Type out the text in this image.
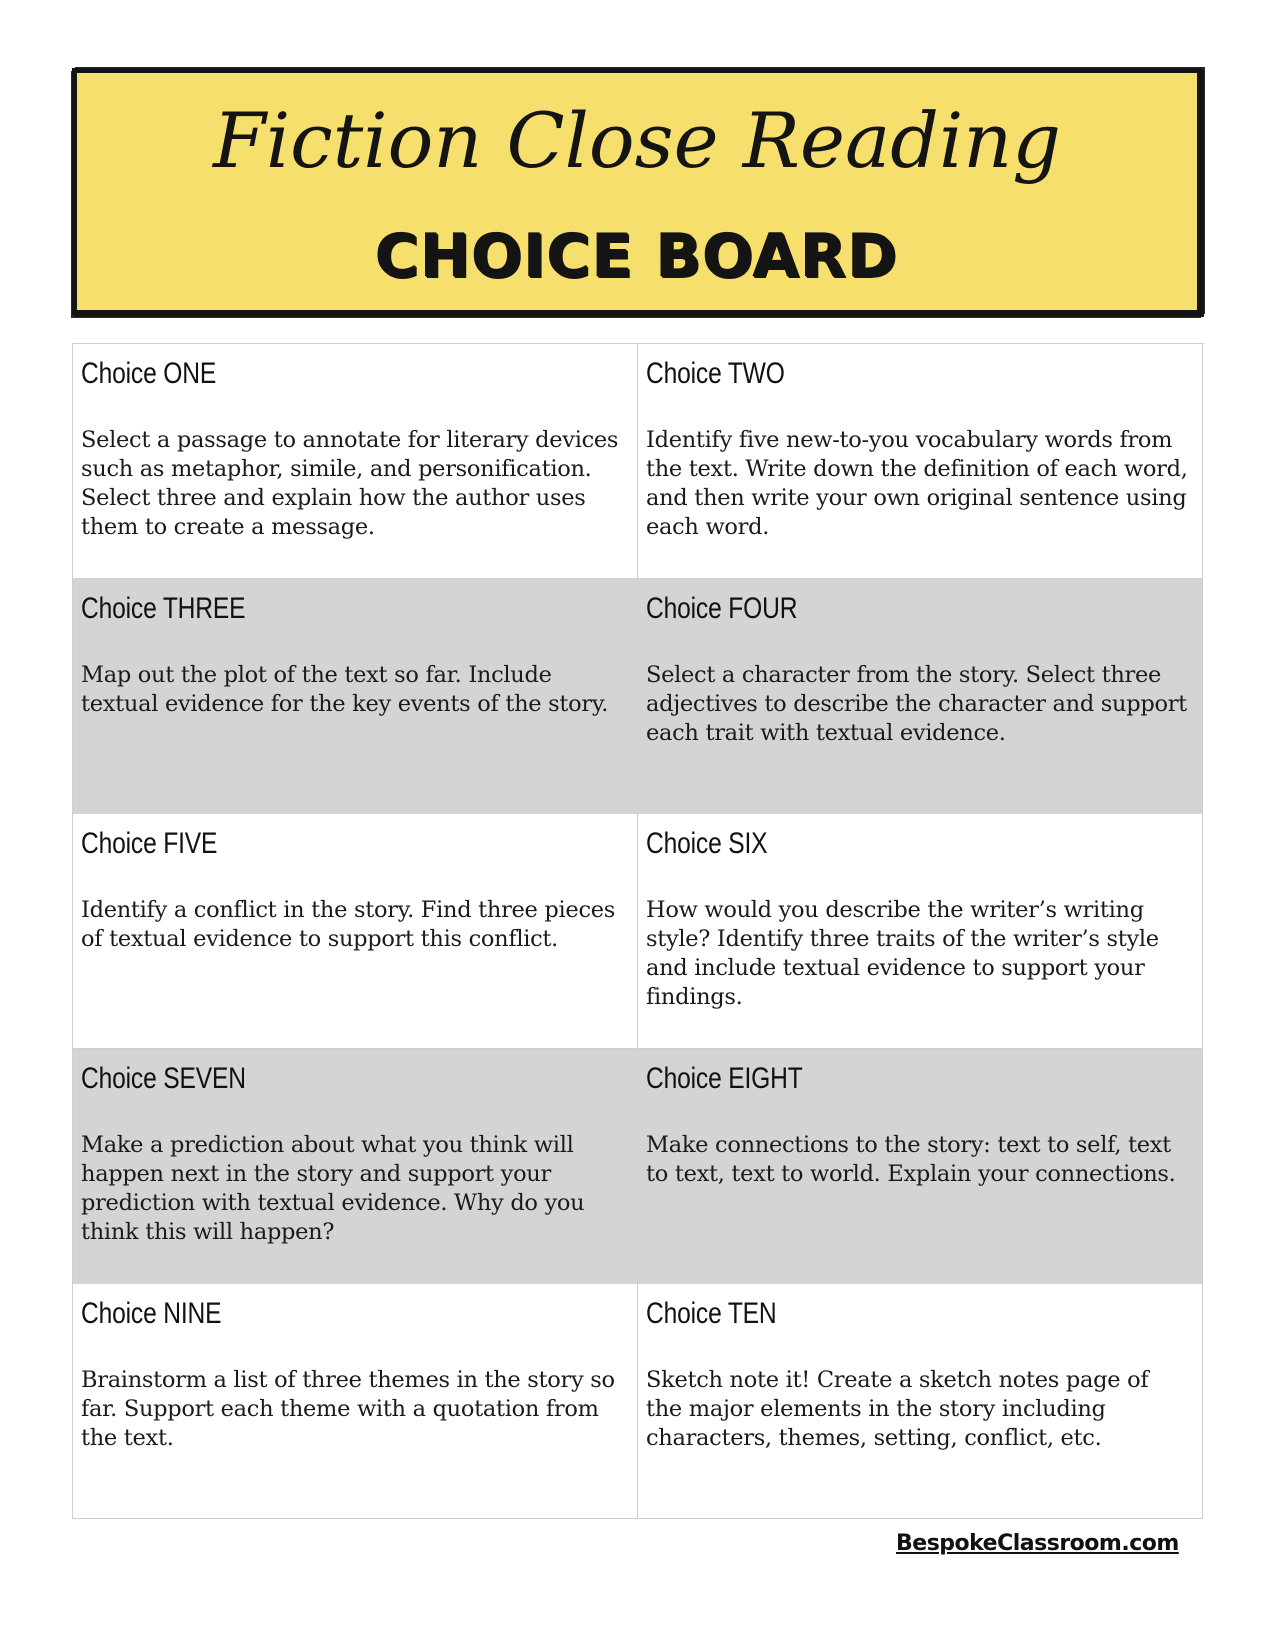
Fiction Close Reading
CHOICE BOARD
Choice ONE
Select a passage to annotate for literary devices such as metaphor, simile, and personification. Select three and explain how the author uses them to create a message.
Choice TWO
Identify five new-to-you vocabulary words from the text. Write down the definition of each word, and then write your own original sentence using each word.
Choice THREE
Map out the plot of the text so far. Include textual evidence for the key events of the story.
Choice FOUR
Select a character from the story. Select three adjectives to describe the character and support each trait with textual evidence.
Choice FIVE
Identify a conflict in the story. Find three pieces of textual evidence to support this conflict.
Choice SIX
How would you describe the writer’s writing style? Identify three traits of the writer’s style and include textual evidence to support your findings.
Choice SEVEN
Make a prediction about what you think will happen next in the story and support your prediction with textual evidence. Why do you think this will happen?
Choice EIGHT
Make connections to the story: text to self, text to text, text to world. Explain your connections.
Choice NINE
Brainstorm a list of three themes in the story so far. Support each theme with a quotation from the text.
Choice TEN
Sketch note it! Create a sketch notes page of the major elements in the story including characters, themes, setting, conflict, etc.
BespokeClassroom.com
